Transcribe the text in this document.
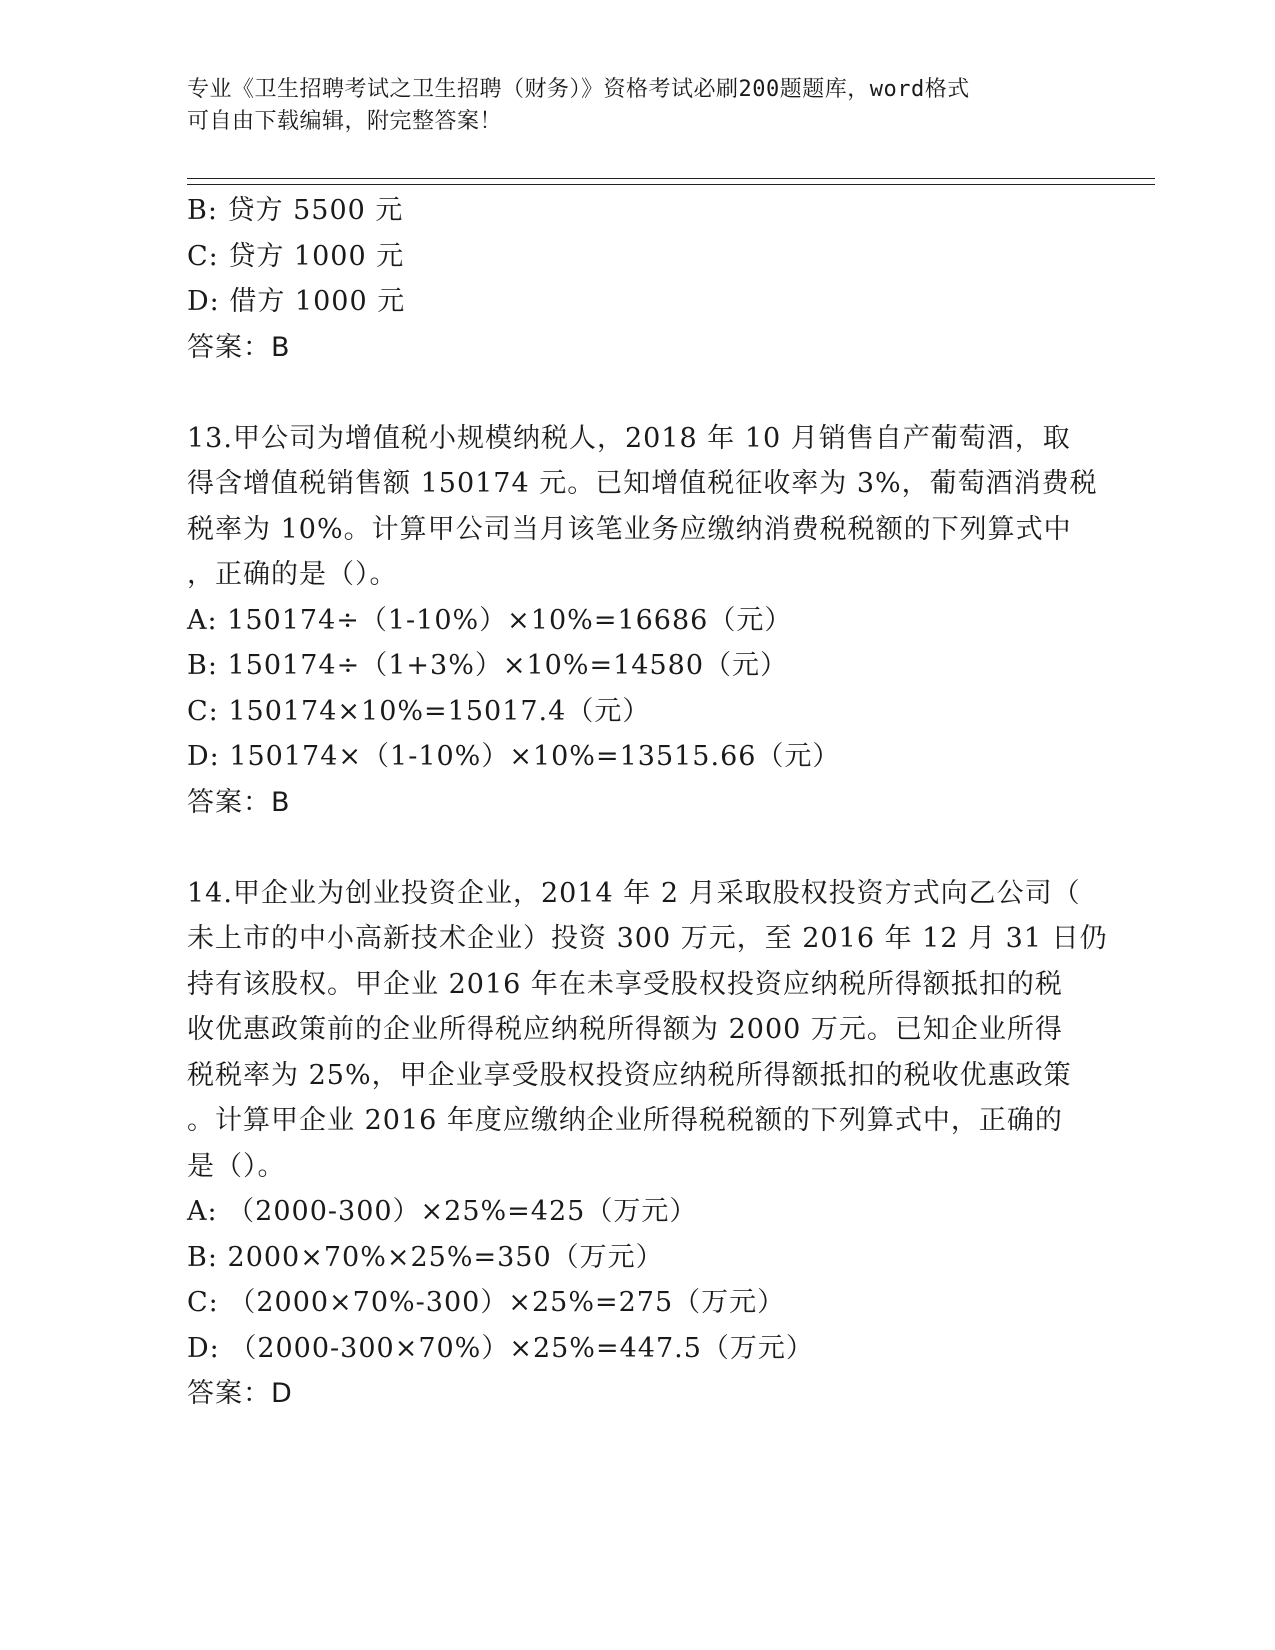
专业《卫生招聘考试之卫生招聘（财务）》资格考试必刷200题题库，word格式
可自由下载编辑，附完整答案！
B: 贷方 5500 元
C: 贷方 1000 元
D: 借方 1000 元
答案：B
13.甲公司为增值税小规模纳税人，2018 年 10 月销售自产葡萄酒，取
得含增值税销售额 150174 元。已知增值税征收率为 3%，葡萄酒消费税
税率为 10%。计算甲公司当月该笔业务应缴纳消费税税额的下列算式中
，正确的是（）。
A: 150174÷（1-10%）×10%=16686（元）
B: 150174÷（1+3%）×10%=14580（元）
C: 150174×10%=15017.4（元）
D: 150174×（1-10%）×10%=13515.66（元）
答案：B
14.甲企业为创业投资企业，2014 年 2 月采取股权投资方式向乙公司（
未上市的中小高新技术企业）投资 300 万元，至 2016 年 12 月 31 日仍
持有该股权。甲企业 2016 年在未享受股权投资应纳税所得额抵扣的税
收优惠政策前的企业所得税应纳税所得额为 2000 万元。已知企业所得
税税率为 25%，甲企业享受股权投资应纳税所得额抵扣的税收优惠政策
。计算甲企业 2016 年度应缴纳企业所得税税额的下列算式中，正确的
是（）。
A: （2000-300）×25%=425（万元）
B: 2000×70%×25%=350（万元）
C: （2000×70%-300）×25%=275（万元）
D: （2000-300×70%）×25%=447.5（万元）
答案：D
